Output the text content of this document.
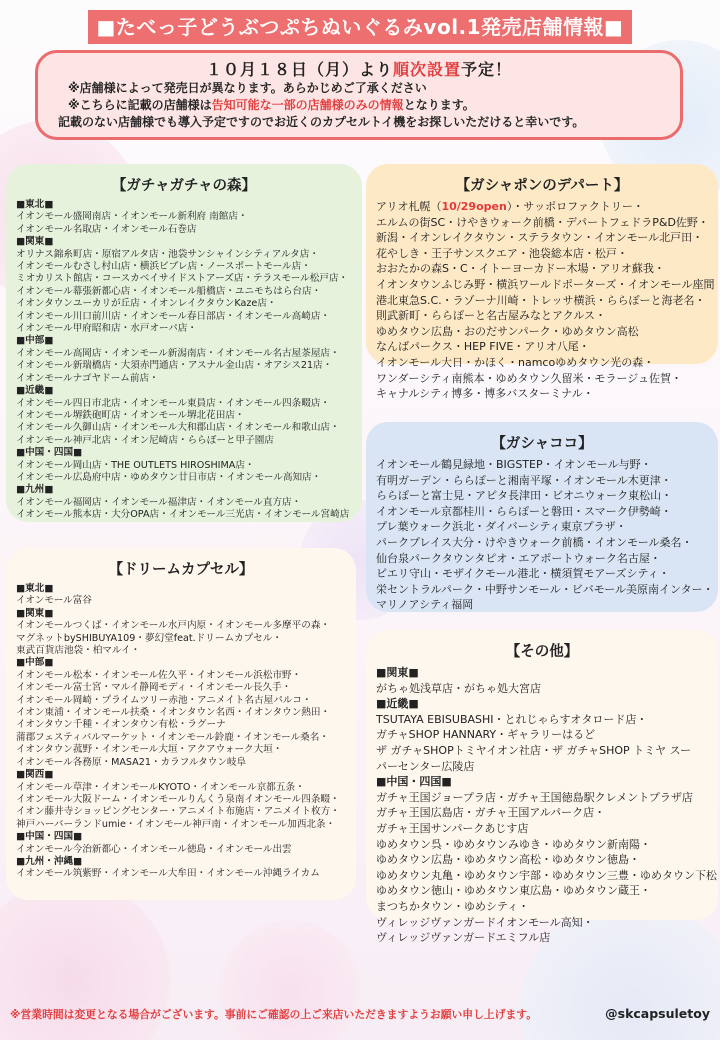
■たべっ子どうぶつぷちぬいぐるみvol.1発売店舗情報■
１０月１８日（月）より順次設置予定！
※店舗様によって発売日が異なります。あらかじめご了承ください
※こちらに記載の店舗様は告知可能な一部の店舗様のみの情報となります。
記載のない店舗様でも導入予定ですのでお近くのカプセルトイ機をお探しいただけると幸いです。
【ガチャガチャの森】
■東北■
イオンモール盛岡南店・イオンモール新利府 南館店・
イオンモール名取店・イオンモール石巻店
■関東■
オリナス錦糸町店・原宿アルタ店・池袋サンシャインシティアルタ店・
イオンモールむさし村山店・横浜ビブレ店・ノースポートモール店・
ミオカリスト館店・コースカベイサイドストアーズ店・テラスモール松戸店・
イオンモール幕張新都心店・イオンモール船橋店・ユニモちはら台店・
イオンタウンユーカリが丘店・イオンレイクタウンKaze店・
イオンモール川口前川店・イオンモール春日部店・イオンモール高崎店・
イオンモール甲府昭和店・水戸オーパ店・
■中部■
イオンモール高岡店・イオンモール新潟南店・イオンモール名古屋茶屋店・
イオンモール新瑞橋店・大須赤門通店・アスナル金山店・オアシス21店・
イオンモールナゴヤドーム前店・
■近畿■
イオンモール四日市北店・イオンモール東員店・イオンモール四条畷店・
イオンモール堺鉄砲町店・イオンモール堺北花田店・
イオンモール久御山店・イオンモール大和郡山店・イオンモール和歌山店・
イオンモール神戸北店・イオン尼崎店・ららぽーと甲子園店
■中国・四国■
イオンモール岡山店・THE OUTLETS HIROSHIMA店・
イオンモール広島府中店・ゆめタウン廿日市店・イオンモール高知店・
■九州■
イオンモール福岡店・イオンモール福津店・イオンモール直方店・
イオンモール熊本店・大分OPA店・イオンモール三光店・イオンモール宮崎店
【ガシャポンのデパート】
アリオ札幌（10/29open）・サッポロファクトリー・
エルムの街SC・けやきウォーク前橋・デパートフェドラP&D佐野・
新潟・イオンレイクタウン・ステラタウン・イオンモール北戸田・
花やしき・王子サンスクエア・池袋総本店・松戸・
おおたかの森S・C・イトーヨーカドー木場・アリオ蘇我・
イオンタウンふじみ野・横浜ワールドポーターズ・イオンモール座間
港北東急S.C.・ラゾーナ川崎・トレッサ横浜・ららぽーと海老名・
則武新町・ららぽーと名古屋みなとアクルス・
ゆめタウン広島・おのだサンパーク・ゆめタウン高松
なんばパークス・HEP FIVE・アリオ八尾・
イオンモール大日・かほく・namcoゆめタウン光の森・
ワンダーシティ南熊本・ゆめタウン久留米・モラージュ佐賀・
キャナルシティ博多・博多バスターミナル・
【ガシャココ】
イオンモール鶴見緑地・BIGSTEP・イオンモール与野・
有明ガーデン・ららぽーと湘南平塚・イオンモール木更津・
ららぽーと富士見・アピタ長津田・ビオニウォーク東松山・
イオンモール京都桂川・ららぽーと磐田・スマーク伊勢崎・
プレ葉ウォーク浜北・ダイバーシティ東京プラザ・
パークプレイス大分・けやきウォーク前橋・イオンモール桑名・
仙台泉パークタウンタピオ・エアポートウォーク名古屋・
ピエリ守山・モザイクモール港北・横須賀モアーズシティ・
栄セントラルパーク・中野サンモール・ビバモール美原南インター・
マリノアシティ福岡
【ドリームカプセル】
■東北■
イオンモール富谷
■関東■
イオンモールつくば・イオンモール水戸内原・イオンモール多摩平の森・
マグネットbySHIBUYA109・夢幻堂feat.ドリームカプセル・
東武百貨店池袋・柏マルイ・
■中部■
イオンモール松本・イオンモール佐久平・イオンモール浜松市野・
イオンモール富士宮・マルイ静岡モディ・イオンモール長久手・
イオンモール岡崎・プライムツリー赤池・アニメイト名古屋パルコ・
イオン東浦・イオンモール扶桑・イオンタウン名西・イオンタウン熱田・
イオンタウン千種・イオンタウン有松・ラグーナ
蒲郡フェスティバルマーケット・イオンモール鈴鹿・イオンモール桑名・
イオンタウン菰野・イオンモール大垣・アクアウォーク大垣・
イオンモール各務原・MASA21・カラフルタウン岐阜
■関西■
イオンモール草津・イオンモールKYOTO・イオンモール京都五条・
イオンモール大阪ドーム・イオンモールりんくう泉南イオンモール四条畷・
イオン藤井寺ショッピングセンター・アニメイト布施店・アニメイト枚方・
神戸ハーバーランドumie・イオンモール神戸南・イオンモール加西北条・
■中国・四国■
イオンモール今治新都心・イオンモール徳島・イオンモール出雲
■九州・沖縄■
イオンモール筑紫野・イオンモール大牟田・イオンモール沖縄ライカム
【その他】
■関東■
がちゃ処浅草店・がちゃ処大宮店
■近畿■
TSUTAYA EBISUBASHI・とれじゃらすオタロード店・
ガチャSHOP HANNARY・ギャラリーはるど
ザ ガチャSHOPトミヤイオン社店・ザ ガチャSHOP トミヤ スー
パーセンター広陵店
■中国・四国■
ガチャ王国ジョープラ店・ガチャ王国徳島駅クレメントプラザ店
ガチャ王国広島店・ガチャ王国アルパーク店・
ガチャ王国サンパークあじす店
ゆめタウン呉・ゆめタウンみゆき・ゆめタウン新南陽・
ゆめタウン広島・ゆめタウン高松・ゆめタウン徳島・
ゆめタウン丸亀・ゆめタウン宇部・ゆめタウン三豊・ゆめタウン下松
ゆめタウン徳山・ゆめタウン東広島・ゆめタウン蔵王・
まつちかタウン・ゆめシティ・
ヴィレッジヴァンガードイオンモール高知・
ヴィレッジヴァンガードエミフル店
※営業時間は変更となる場合がございます。事前にご確認の上ご来店いただきますようお願い申し上げます。	@skcapsuletoy
